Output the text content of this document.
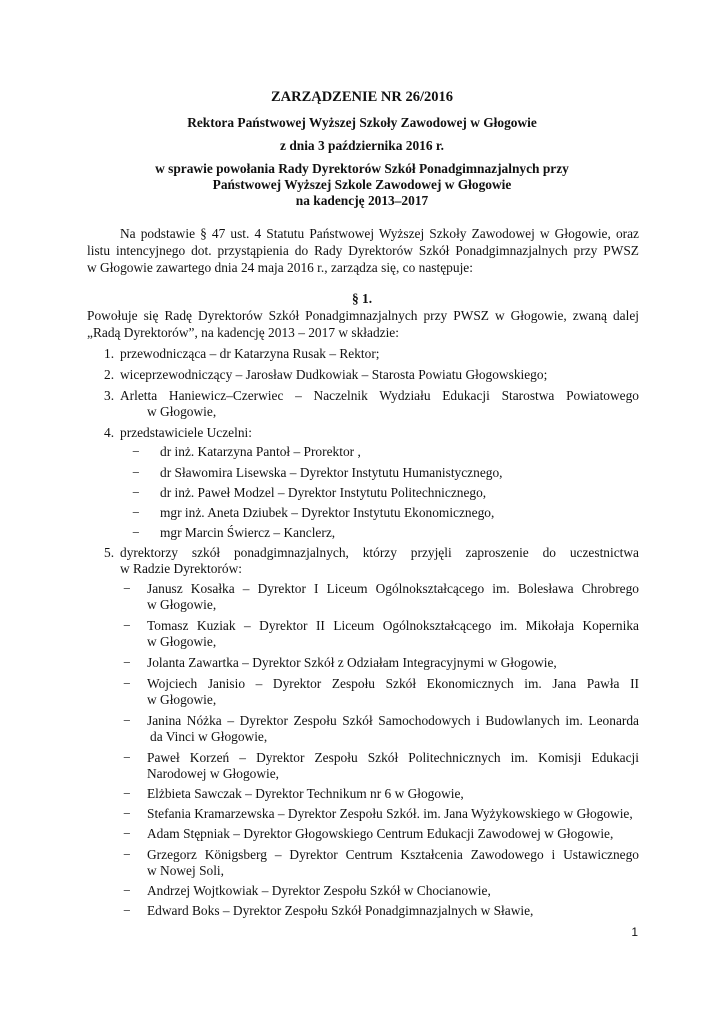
ZARZĄDZENIE NR 26/2016
Rektora Państwowej Wyższej Szkoły Zawodowej w Głogowie
z dnia 3 października 2016 r.
w sprawie powołania Rady Dyrektorów Szkół Ponadgimnazjalnych przy
Państwowej Wyższej Szkole Zawodowej w Głogowie
na kadencję 2013–2017
Na podstawie § 47 ust. 4 Statutu Państwowej Wyższej Szkoły Zawodowej w Głogowie, oraz
listu intencyjnego dot. przystąpienia do Rady Dyrektorów Szkół Ponadgimnazjalnych przy PWSZ
w Głogowie zawartego dnia 24 maja 2016 r., zarządza się, co następuje:
§ 1.
Powołuje się Radę Dyrektorów Szkół Ponadgimnazjalnych przy PWSZ w Głogowie, zwaną dalej
„Radą Dyrektorów”, na kadencję 2013 – 2017 w składzie:
1. przewodnicząca – dr Katarzyna Rusak – Rektor;
2. wiceprzewodniczący – Jarosław Dudkowiak – Starosta Powiatu Głogowskiego;
3. Arletta Haniewicz–Czerwiec – Naczelnik Wydziału Edukacji Starostwa Powiatowego
w Głogowie,
4. przedstawiciele Uczelni:
− dr inż. Katarzyna Pantoł – Prorektor ,
− dr Sławomira Lisewska – Dyrektor Instytutu Humanistycznego,
− dr inż. Paweł Modzel – Dyrektor Instytutu Politechnicznego,
− mgr inż. Aneta Dziubek – Dyrektor Instytutu Ekonomicznego,
− mgr Marcin Świercz – Kanclerz,
5. dyrektorzy szkół ponadgimnazjalnych, którzy przyjęli zaproszenie do uczestnictwa
w Radzie Dyrektorów:
− Janusz Kosałka – Dyrektor I Liceum Ogólnokształcącego im. Bolesława Chrobrego
w Głogowie,
− Tomasz Kuziak – Dyrektor II Liceum Ogólnokształcącego im. Mikołaja Kopernika
w Głogowie,
− Jolanta Zawartka – Dyrektor Szkół z Odziałam Integracyjnymi w Głogowie,
− Wojciech Janisio – Dyrektor Zespołu Szkół Ekonomicznych im. Jana Pawła II
w Głogowie,
− Janina Nóżka – Dyrektor Zespołu Szkół Samochodowych i Budowlanych im. Leonarda
da Vinci w Głogowie,
− Paweł Korzeń – Dyrektor Zespołu Szkół Politechnicznych im. Komisji Edukacji
Narodowej w Głogowie,
− Elżbieta Sawczak – Dyrektor Technikum nr 6 w Głogowie,
− Stefania Kramarzewska – Dyrektor Zespołu Szkół. im. Jana Wyżykowskiego w Głogowie,
− Adam Stępniak – Dyrektor Głogowskiego Centrum Edukacji Zawodowej w Głogowie,
− Grzegorz Königsberg – Dyrektor Centrum Kształcenia Zawodowego i Ustawicznego
w Nowej Soli,
− Andrzej Wojtkowiak – Dyrektor Zespołu Szkół w Chocianowie,
− Edward Boks – Dyrektor Zespołu Szkół Ponadgimnazjalnych w Sławie,
1
